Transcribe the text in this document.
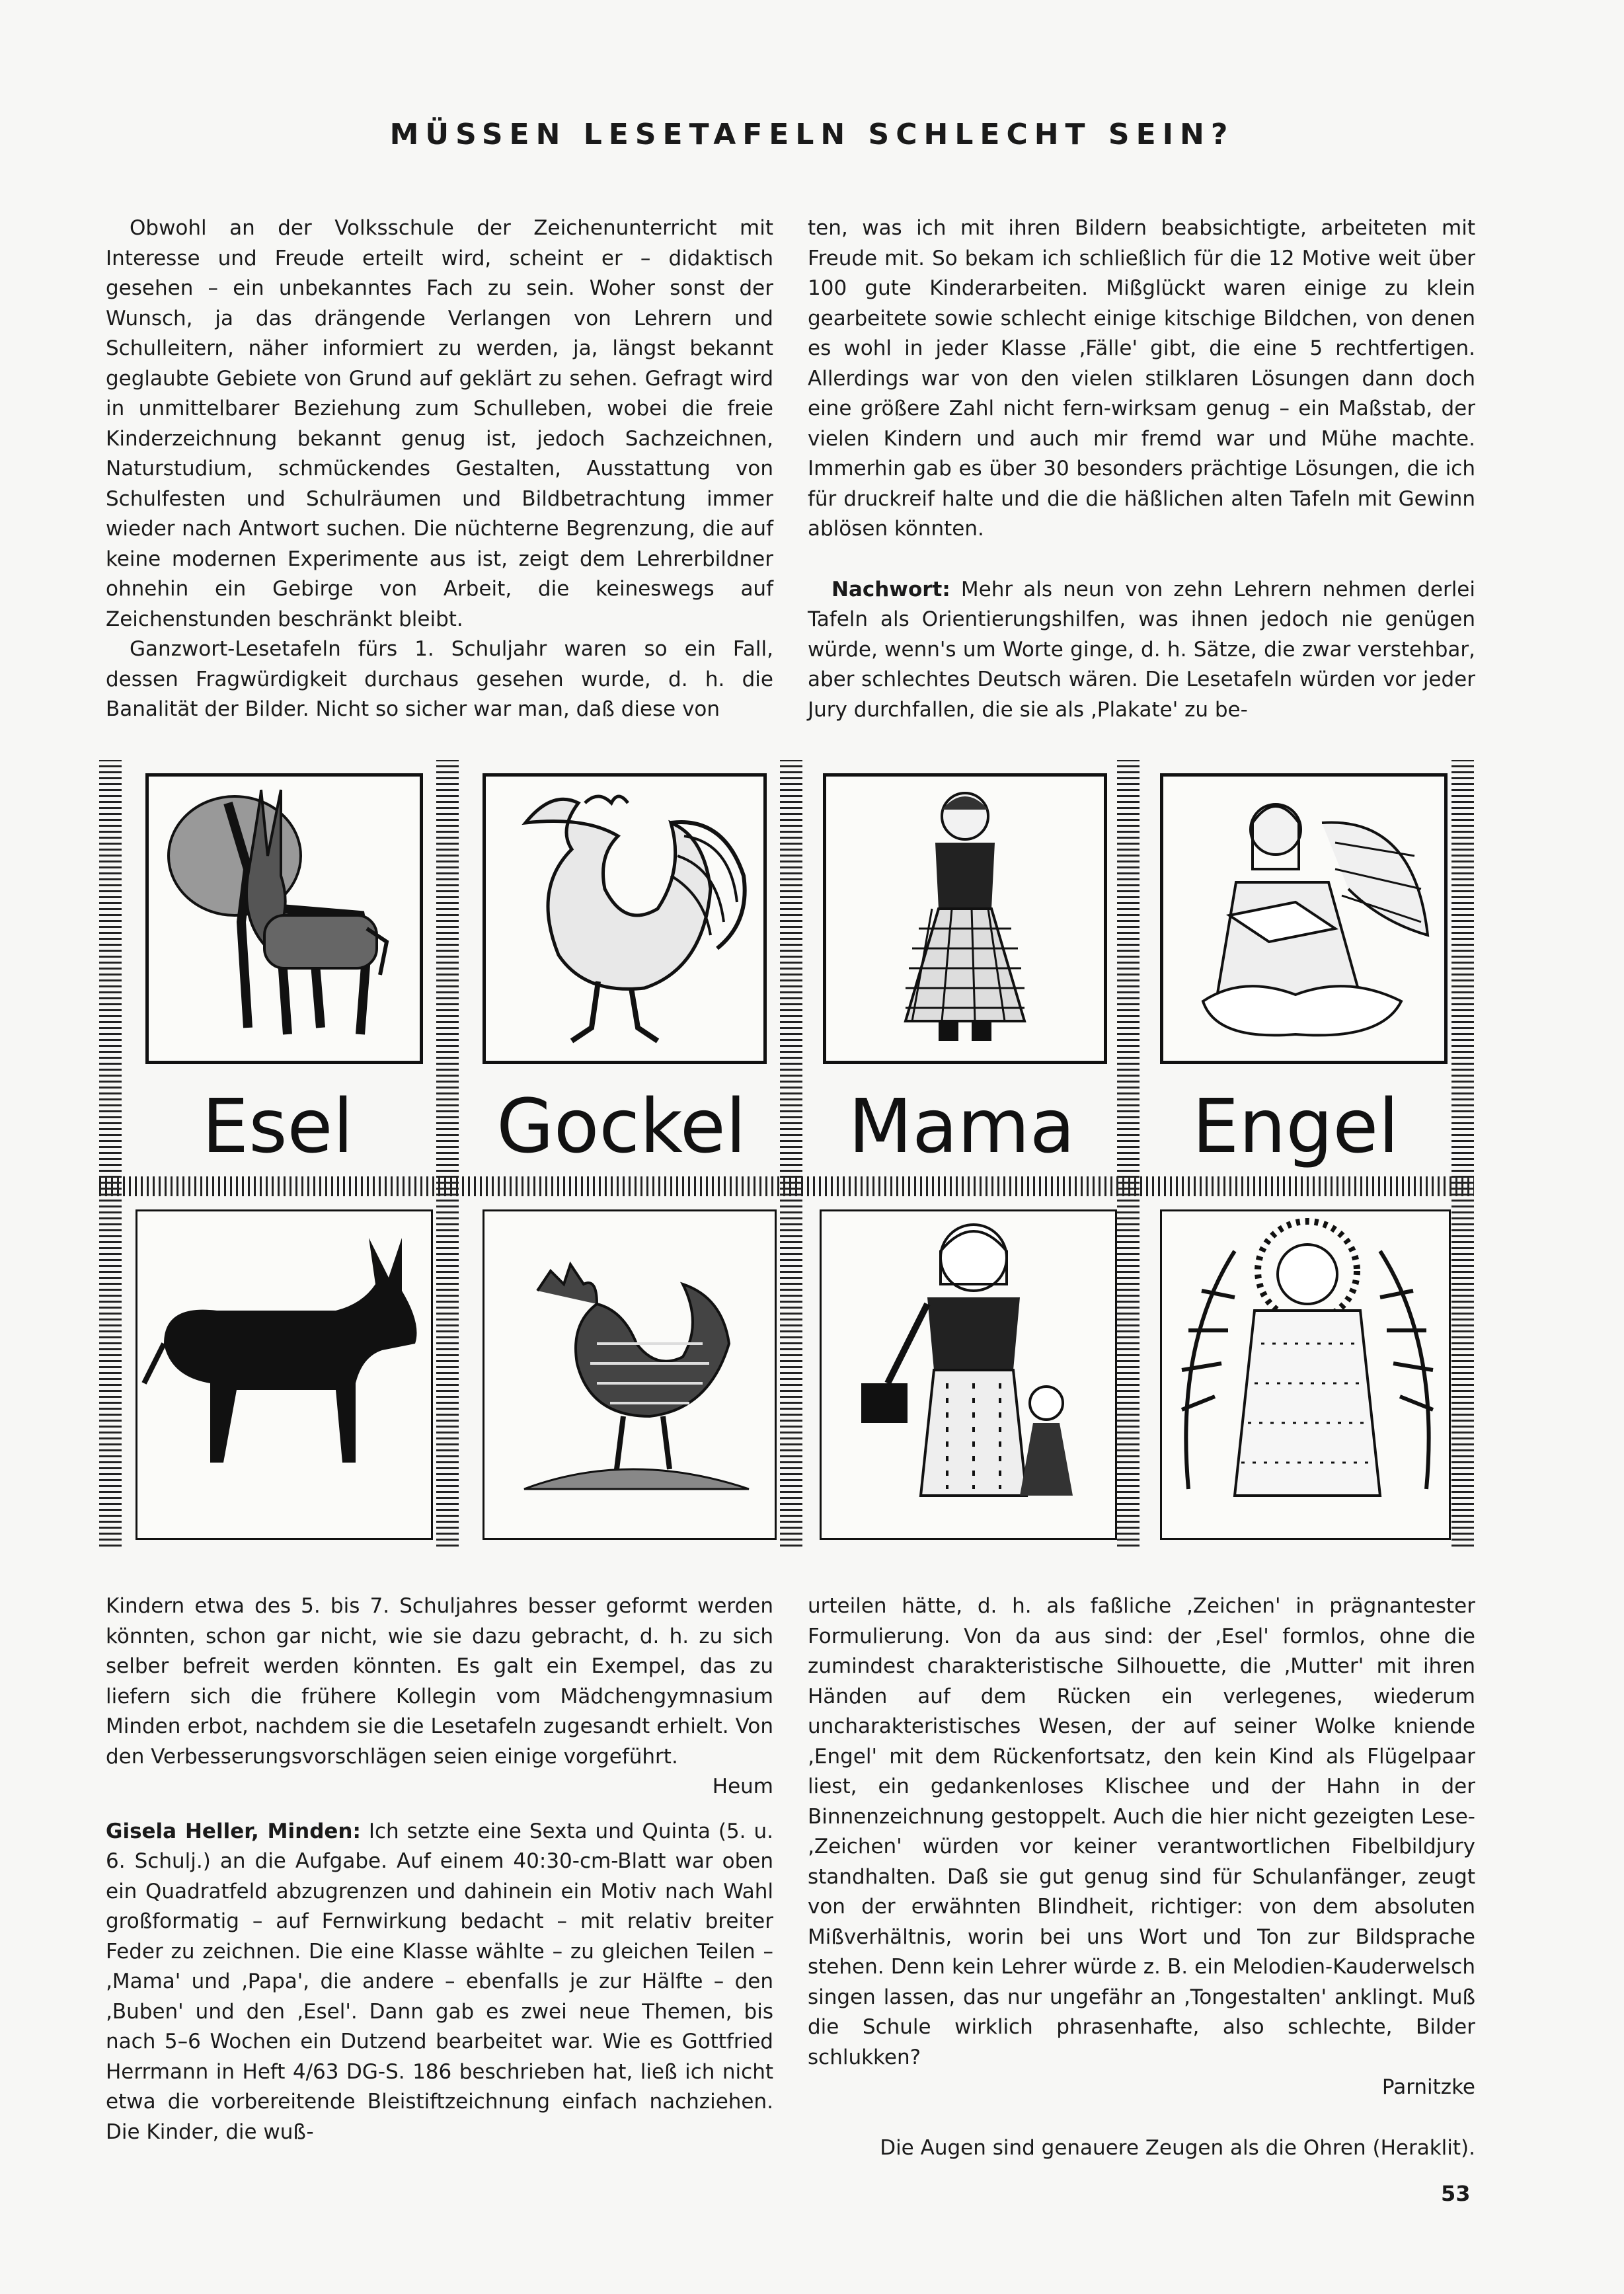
MÜSSEN LESETAFELN SCHLECHT SEIN?

Obwohl an der Volksschule der Zeichenunterricht mit Interesse und Freude erteilt wird, scheint er – didaktisch gesehen – ein unbekanntes Fach zu sein. Woher sonst der Wunsch, ja das drängende Verlangen von Lehrern und Schulleitern, näher informiert zu werden, ja, längst bekannt geglaubte Gebiete von Grund auf geklärt zu sehen. Gefragt wird in unmittelbarer Beziehung zum Schulleben, wobei die freie Kinderzeichnung bekannt genug ist, jedoch Sachzeichnen, Naturstudium, schmückendes Gestalten, Ausstattung von Schulfesten und Schulräumen und Bildbetrachtung immer wieder nach Antwort suchen. Die nüchterne Begrenzung, die auf keine modernen Experimente aus ist, zeigt dem Lehrerbildner ohnehin ein Gebirge von Arbeit, die keineswegs auf Zeichenstunden beschränkt bleibt.

Ganzwort-Lesetafeln fürs 1. Schuljahr waren so ein Fall, dessen Fragwürdigkeit durchaus gesehen wurde, d. h. die Banalität der Bilder. Nicht so sicher war man, daß diese von

ten, was ich mit ihren Bildern beabsichtigte, arbeiteten mit Freude mit. So bekam ich schließlich für die 12 Motive weit über 100 gute Kinderarbeiten. Mißglückt waren einige zu klein gearbeitete sowie schlecht einige kitschige Bildchen, von denen es wohl in jeder Klasse ‚Fälle' gibt, die eine 5 rechtfertigen. Allerdings war von den vielen stilklaren Lösungen dann doch eine größere Zahl nicht fern-wirksam genug – ein Maßstab, der vielen Kindern und auch mir fremd war und Mühe machte. Immerhin gab es über 30 besonders prächtige Lösungen, die ich für druckreif halte und die die häßlichen alten Tafeln mit Gewinn ablösen könnten.

Nachwort: Mehr als neun von zehn Lehrern nehmen derlei Tafeln als Orientierungshilfen, was ihnen jedoch nie genügen würde, wenn's um Worte ginge, d. h. Sätze, die zwar verstehbar, aber schlechtes Deutsch wären. Die Lesetafeln würden vor jeder Jury durchfallen, die sie als ‚Plakate' zu be-

Esel	Gockel	Mama	Engel

Kindern etwa des 5. bis 7. Schuljahres besser geformt werden könnten, schon gar nicht, wie sie dazu gebracht, d. h. zu sich selber befreit werden könnten. Es galt ein Exempel, das zu liefern sich die frühere Kollegin vom Mädchengymnasium Minden erbot, nachdem sie die Lesetafeln zugesandt erhielt. Von den Verbesserungsvorschlägen seien einige vorgeführt.

Heum

Gisela Heller, Minden: Ich setzte eine Sexta und Quinta (5. u. 6. Schulj.) an die Aufgabe. Auf einem 40:30-cm-Blatt war oben ein Quadratfeld abzugrenzen und dahinein ein Motiv nach Wahl großformatig – auf Fernwirkung bedacht – mit relativ breiter Feder zu zeichnen. Die eine Klasse wählte – zu gleichen Teilen – ‚Mama' und ‚Papa', die andere – ebenfalls je zur Hälfte – den ‚Buben' und den ‚Esel'. Dann gab es zwei neue Themen, bis nach 5–6 Wochen ein Dutzend bearbeitet war. Wie es Gottfried Herrmann in Heft 4/63 DG-S. 186 beschrieben hat, ließ ich nicht etwa die vorbereitende Bleistiftzeichnung einfach nachziehen. Die Kinder, die wuß-

urteilen hätte, d. h. als faßliche ‚Zeichen' in prägnantester Formulierung. Von da aus sind: der ‚Esel' formlos, ohne die zumindest charakteristische Silhouette, die ‚Mutter' mit ihren Händen auf dem Rücken ein verlegenes, wiederum uncharakteristisches Wesen, der auf seiner Wolke kniende ‚Engel' mit dem Rückenfortsatz, den kein Kind als Flügelpaar liest, ein gedankenloses Klischee und der Hahn in der Binnenzeichnung gestoppelt. Auch die hier nicht gezeigten Lese-‚Zeichen' würden vor keiner verantwortlichen Fibelbildjury standhalten. Daß sie gut genug sind für Schulanfänger, zeugt von der erwähnten Blindheit, richtiger: von dem absoluten Mißverhältnis, worin bei uns Wort und Ton zur Bildsprache stehen. Denn kein Lehrer würde z. B. ein Melodien-Kauderwelsch singen lassen, das nur ungefähr an ‚Tongestalten' anklingt. Muß die Schule wirklich phrasenhafte, also schlechte, Bilder schlukken?

Parnitzke

Die Augen sind genauere Zeugen als die Ohren (Heraklit).

53
